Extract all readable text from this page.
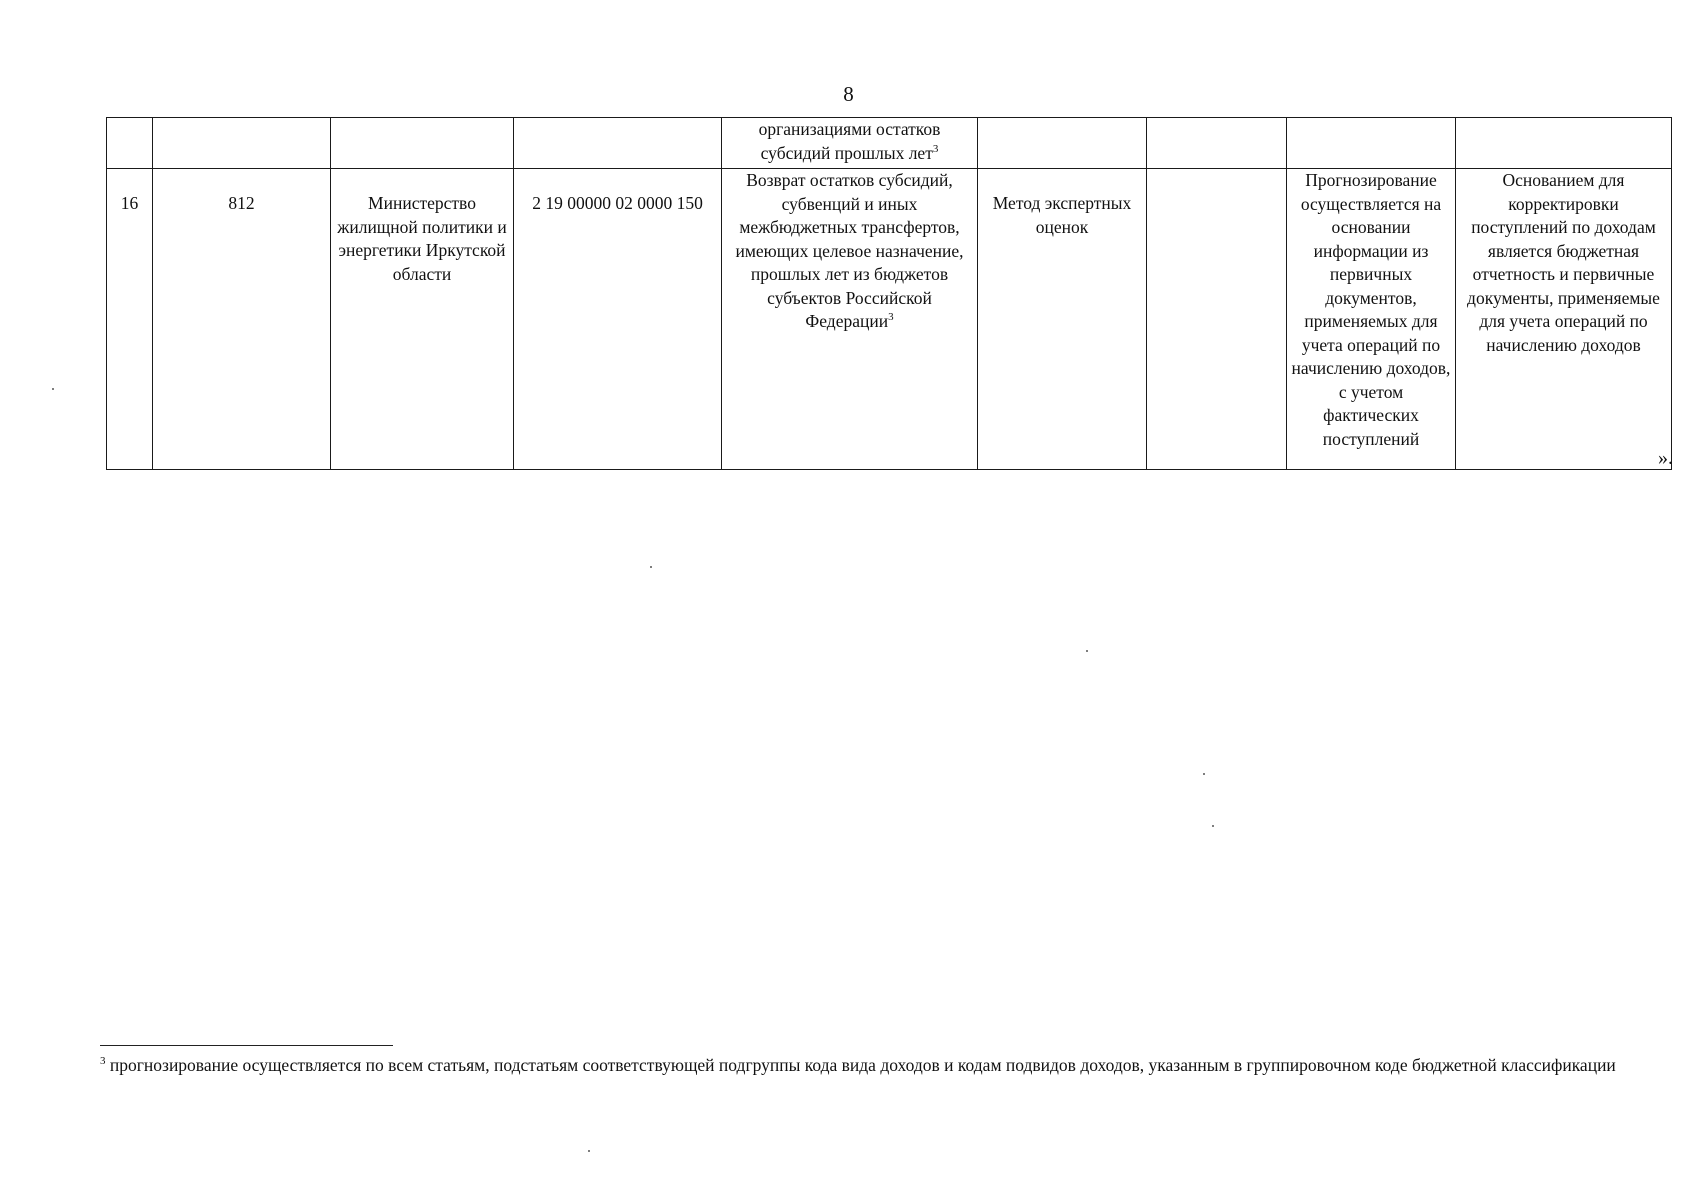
8
				организациями остатков субсидий прошлых лет$^3$				
16	812	Министерство жилищной политики и энергетики Иркутской области	2 19 00000 02 0000 150	Возврат остатков субсидий, субвенций и иных межбюджетных трансфертов, имеющих целевое назначение, прошлых лет из бюджетов субъектов Российской Федерации$^3$	Метод экспертных оценок		Прогнозирование осуществляется на основании информации из первичных документов, применяемых для учета операций по начислению доходов, с учетом фактических поступлений	Основанием для корректировки поступлений по доходам является бюджетная отчетность и первичные документы, применяемые для учета операций по начислению доходов
».
$^3$ прогнозирование осуществляется по всем статьям, подстатьям соответствующей подгруппы кода вида доходов и кодам подвидов доходов, указанным в группировочном коде бюджетной классификации
